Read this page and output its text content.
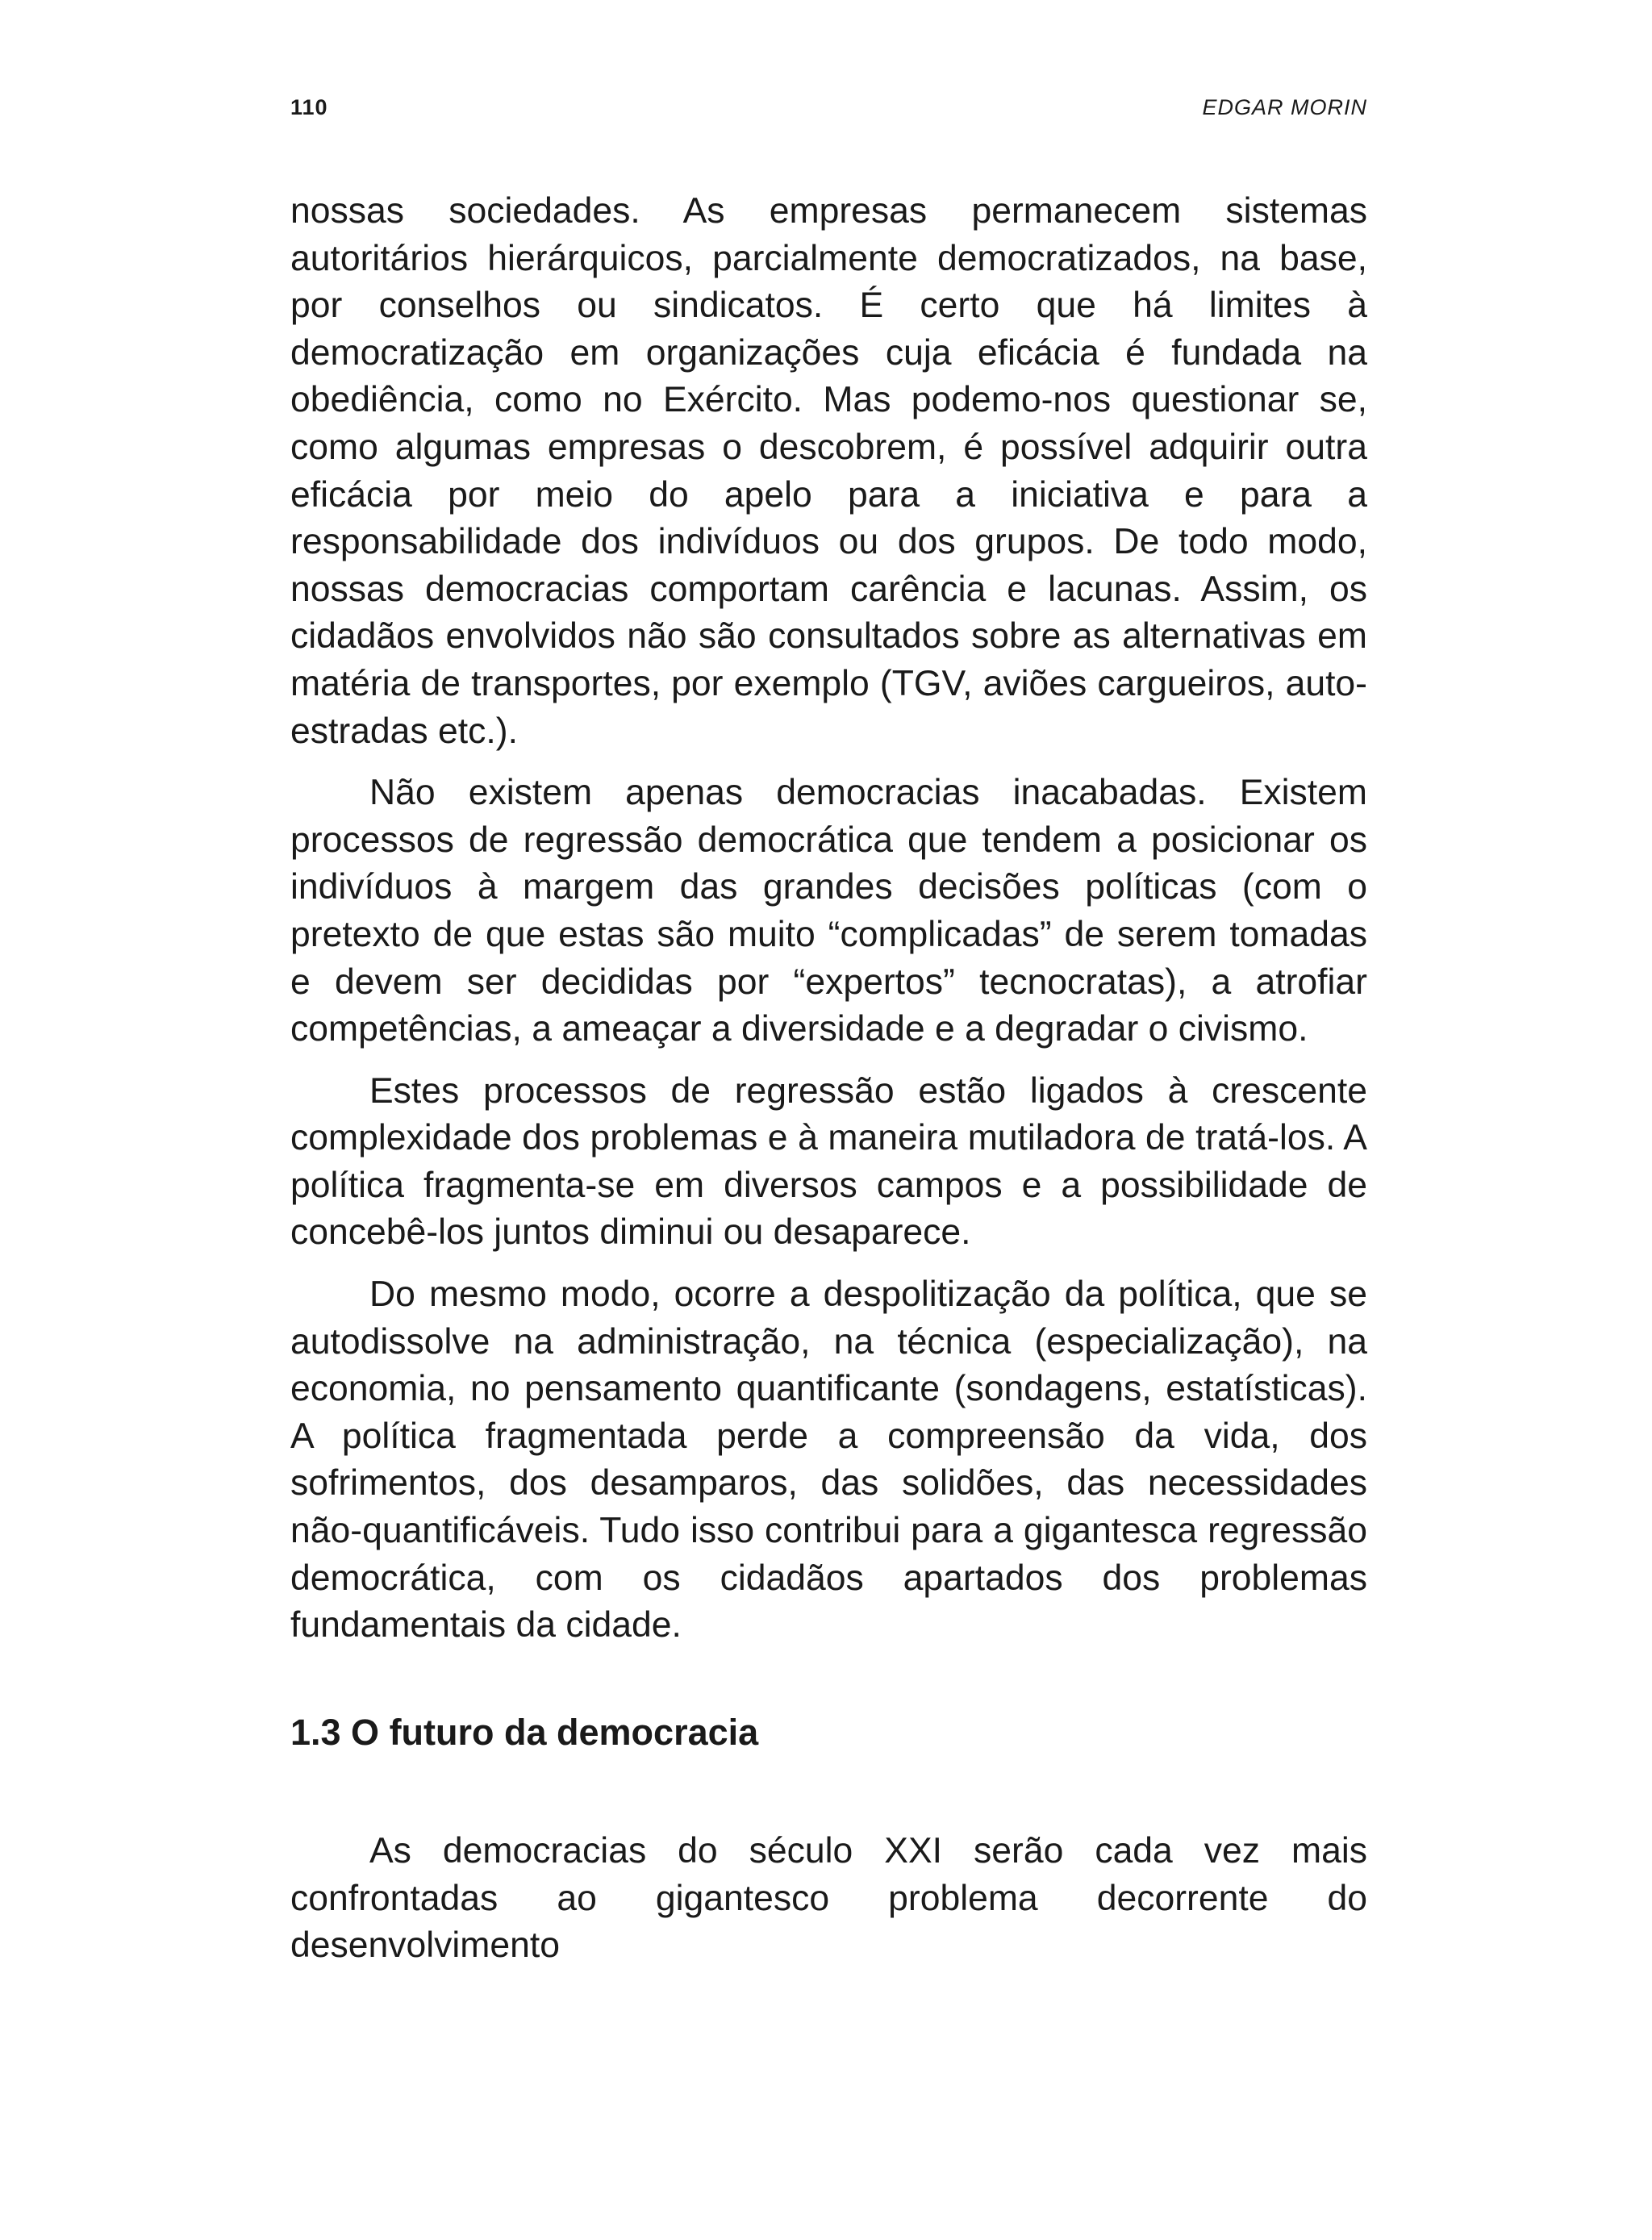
110	EDGAR MORIN

nossas sociedades. As empresas permanecem sistemas autoritários hierárquicos, parcialmente democratizados, na base, por conselhos ou sindicatos. É certo que há limites à democratização em organizações cuja eficácia é fundada na obediência, como no Exército. Mas podemo-nos questionar se, como algumas empresas o descobrem, é possível adquirir outra eficácia por meio do apelo para a iniciativa e para a responsabilidade dos indivíduos ou dos grupos. De todo modo, nossas democracias comportam carência e lacunas. Assim, os cidadãos envolvidos não são consultados sobre as alternativas em matéria de transportes, por exemplo (TGV, aviões cargueiros, auto-estradas etc.).

Não existem apenas democracias inacabadas. Existem processos de regressão democrática que tendem a posicionar os indivíduos à margem das grandes decisões políticas (com o pretexto de que estas são muito “complicadas” de serem tomadas e devem ser decididas por “expertos” tecnocratas), a atrofiar competências, a ameaçar a diversidade e a degradar o civismo.

Estes processos de regressão estão ligados à crescente complexidade dos problemas e à maneira mutiladora de tratá-los. A política fragmenta-se em diversos campos e a possibilidade de concebê-los juntos diminui ou desaparece.

Do mesmo modo, ocorre a despolitização da política, que se autodissolve na administração, na técnica (especialização), na economia, no pensamento quantificante (sondagens, estatísticas). A política fragmentada perde a compreensão da vida, dos sofrimentos, dos desamparos, das solidões, das necessidades não-quantificáveis. Tudo isso contribui para a gigantesca regressão democrática, com os cidadãos apartados dos problemas fundamentais da cidade.

1.3 O futuro da democracia

As democracias do século XXI serão cada vez mais confrontadas ao gigantesco problema decorrente do desenvolvimento
